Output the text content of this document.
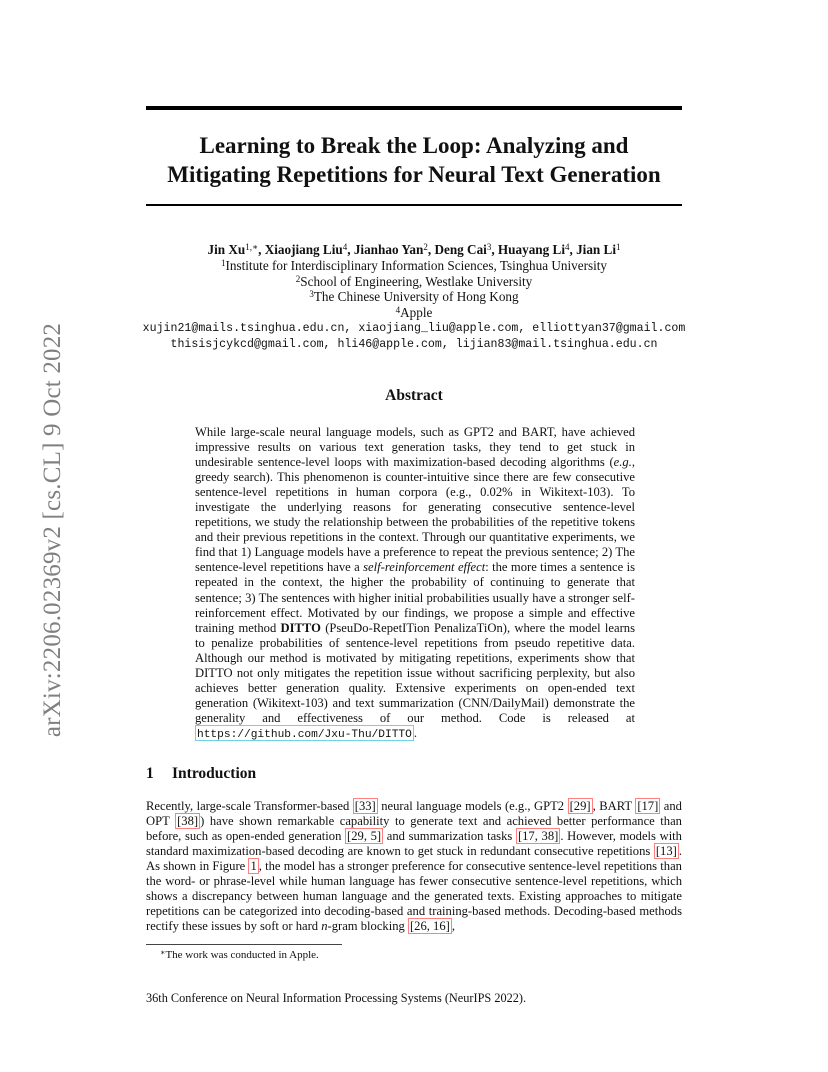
Learning to Break the Loop: Analyzing and
Mitigating Repetitions for Neural Text Generation
arXiv:2206.02369v2 [cs.CL] 9 Oct 2022
Jin $Xu^{1,∗}$, Xiaojiang Liu$^4$, Jianhao Yan$^2$, Deng Cai$^3$, Huayang Li$^4$, Jian Li$^1$
$^1$Institute for Interdisciplinary Information Sciences, Tsinghua University
$^2$School of Engineering, Westlake University
$^3$The Chinese University of Hong Kong
$^4$Apple
xujin21@mails.tsinghua.edu.cn, xiaojiang_liu@apple.com, elliottyan37@gmail.com
thisisjcykcd@gmail.com, hli46@apple.com, lijian83@mail.tsinghua.edu.cn
Abstract

While large-scale neural language models, such as GPT2 and BART, have achieved impressive results on various text generation tasks, they tend to get stuck in undesirable sentence-level loops with maximization-based decoding algorithms (e.g., greedy search). This phenomenon is counter-intuitive since there are few consecutive sentence-level repetitions in human corpora (e.g., 0.02% in Wikitext-103). To investigate the underlying reasons for generating consecutive sentence-level repetitions, we study the relationship between the probabilities of the repetitive tokens and their previous repetitions in the context. Through our quantitative experiments, we find that 1) Language models have a preference to repeat the previous sentence; 2) The sentence-level repetitions have a self-reinforcement effect: the more times a sentence is repeated in the context, the higher the probability of continuing to generate that sentence; 3) The sentences with higher initial probabilities usually have a stronger self-reinforcement effect. Motivated by our findings, we propose a simple and effective training method DITTO (PseuDo-RepetITion PenalizaTiOn), where the model learns to penalize probabilities of sentence-level repetitions from pseudo repetitive data. Although our method is motivated by mitigating repetitions, experiments show that DITTO not only mitigates the repetition issue without sacrificing perplexity, but also achieves better generation quality. Extensive experiments on open-ended text generation (Wikitext-103) and text summarization (CNN/DailyMail) demonstrate the generality and effectiveness of our method. Code is released at https://github.com/Jxu-Thu/DITTO .

1 Introduction

Recently, large-scale Transformer-based [33] neural language models (e.g., GPT2 [29] , BART [17] and OPT [38] ) have shown remarkable capability to generate text and achieved better performance than before, such as open-ended generation [29, 5] and summarization tasks [17, 38] . However, models with standard maximization-based decoding are known to get stuck in redundant consecutive repetitions [13] . As shown in Figure 1 , the model has a stronger preference for consecutive sentence-level repetitions than the word- or phrase-level while human language has fewer consecutive sentence-level repetitions, which shows a discrepancy between human language and the generated texts. Existing approaches to mitigate repetitions can be categorized into decoding-based and training-based methods. Decoding-based methods rectify these issues by soft or hard n-gram blocking [26, 16] ,

∗The work was conducted in Apple.

36th Conference on Neural Information Processing Systems (NeurIPS 2022).
